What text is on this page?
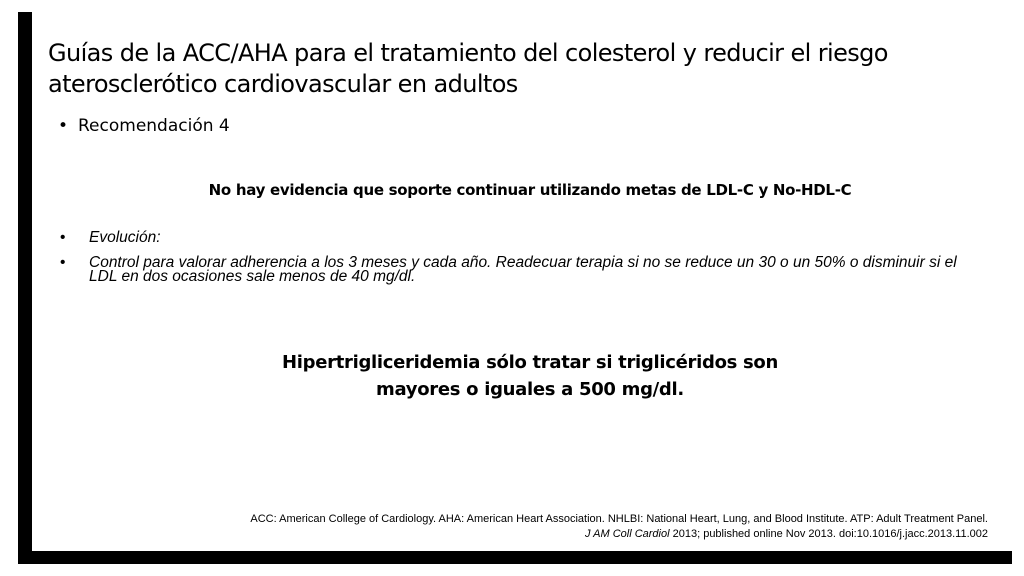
Guías de la ACC/AHA para el tratamiento del colesterol y reducir el riesgo aterosclerótico cardiovascular en adultos
• Recomendación 4
No hay evidencia que soporte continuar utilizando metas de LDL-C y No-HDL-C
• Evolución:
• Control para valorar adherencia a los 3 meses y cada año. Readecuar terapia si no se reduce un 30 o un 50% o disminuir si el LDL en dos ocasiones sale menos de 40 mg/dl.
Hipertrigliceridemia sólo tratar si triglicéridos son
mayores o iguales a 500 mg/dl.
ACC: American College of Cardiology. AHA: American Heart Association. NHLBI: National Heart, Lung, and Blood Institute. ATP: Adult Treatment Panel.
J AM Coll Cardiol 2013; published online Nov 2013. doi:10.1016/j.jacc.2013.11.002
